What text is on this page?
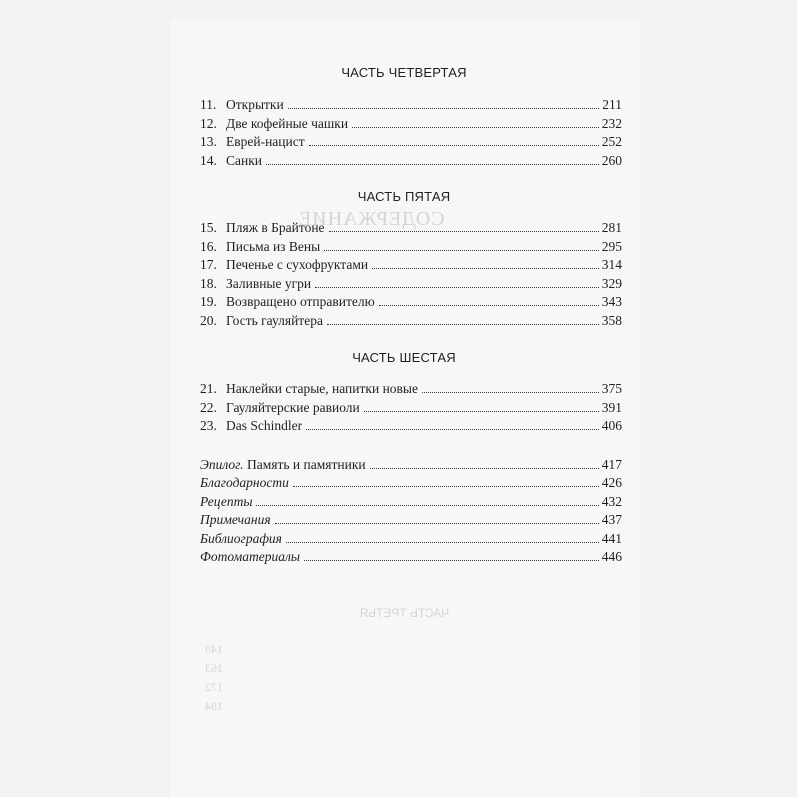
СОДЕРЖАНИЕ
ЧАСТЬ ТРЕТЬЯ
149
163
172
184
ЧАСТЬ ЧЕТВЕРТАЯ
11. Открытки	211
12. Две кофейные чашки	232
13. Еврей-нацист	252
14. Санки	260
ЧАСТЬ ПЯТАЯ
15. Пляж в Брайтоне	281
16. Письма из Вены	295
17. Печенье с сухофруктами	314
18. Заливные угри	329
19. Возвращено отправителю	343
20. Гость гауляйтера	358
ЧАСТЬ ШЕСТАЯ
21. Наклейки старые, напитки новые	375
22. Гауляйтерские равиоли	391
23. Das Schindler	406
Эпилог. Память и памятники	417
Благодарности	426
Рецепты	432
Примечания	437
Библиография	441
Фотоматериалы	446
